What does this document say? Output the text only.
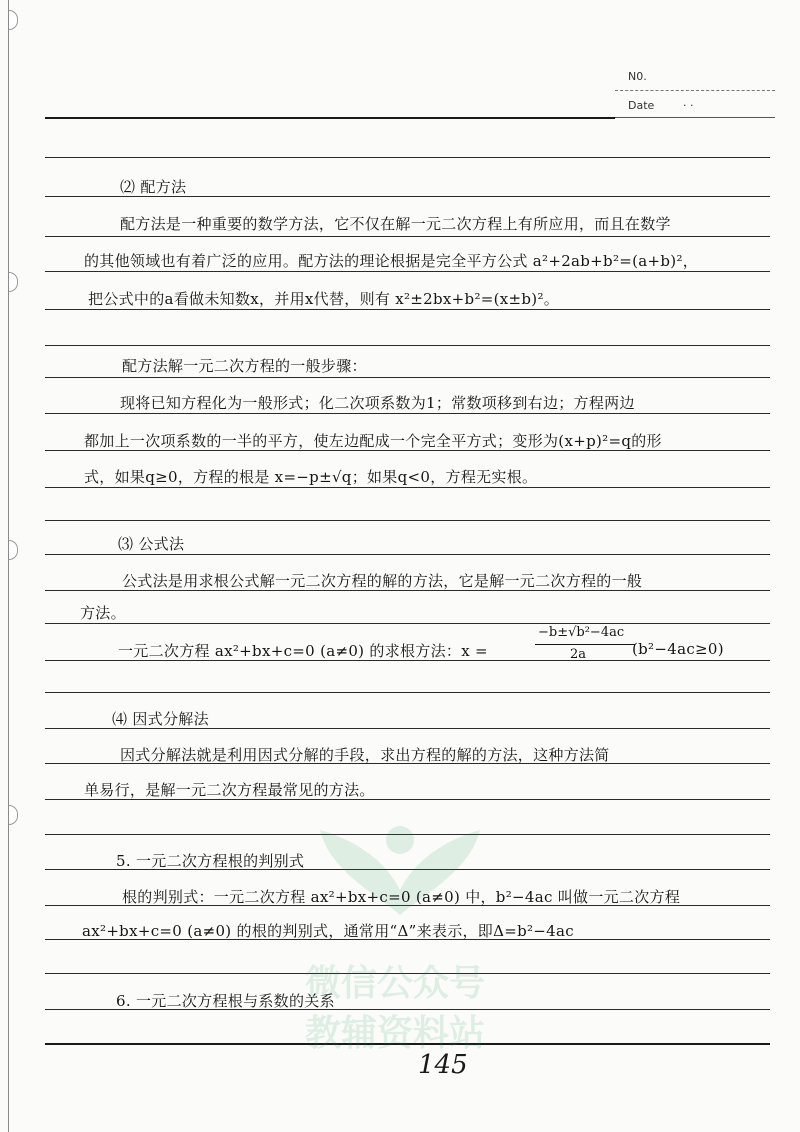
N0.
Date	· ·
微信公众号
教辅资料站
⑵ 配方法
配方法是一种重要的数学方法，它不仅在解一元二次方程上有所应用，而且在数学
的其他领域也有着广泛的应用。配方法的理论根据是完全平方公式 a²+2ab+b²=(a+b)²，
把公式中的a看做未知数x，并用x代替，则有 x²±2bx+b²=(x±b)²。
配方法解一元二次方程的一般步骤：
现将已知方程化为一般形式；化二次项系数为1；常数项移到右边；方程两边
都加上一次项系数的一半的平方，使左边配成一个完全平方式；变形为(x+p)²=q的形
式，如果q≥0，方程的根是 x=−p±√q；如果q<0，方程无实根。
⑶ 公式法
公式法是用求根公式解一元二次方程的解的方法，它是解一元二次方程的一般
方法。
一元二次方程 ax²+bx+c=0 (a≠0) 的求根方法：x =
−b±√b²−4ac
2a	(b²−4ac≥0)
⑷ 因式分解法
因式分解法就是利用因式分解的手段，求出方程的解的方法，这种方法简
单易行，是解一元二次方程最常见的方法。
5. 一元二次方程根的判别式
根的判别式：一元二次方程 ax²+bx+c=0 (a≠0) 中，b²−4ac 叫做一元二次方程
ax²+bx+c=0 (a≠0) 的根的判别式，通常用“Δ”来表示，即Δ=b²−4ac
6. 一元二次方程根与系数的关系
145
